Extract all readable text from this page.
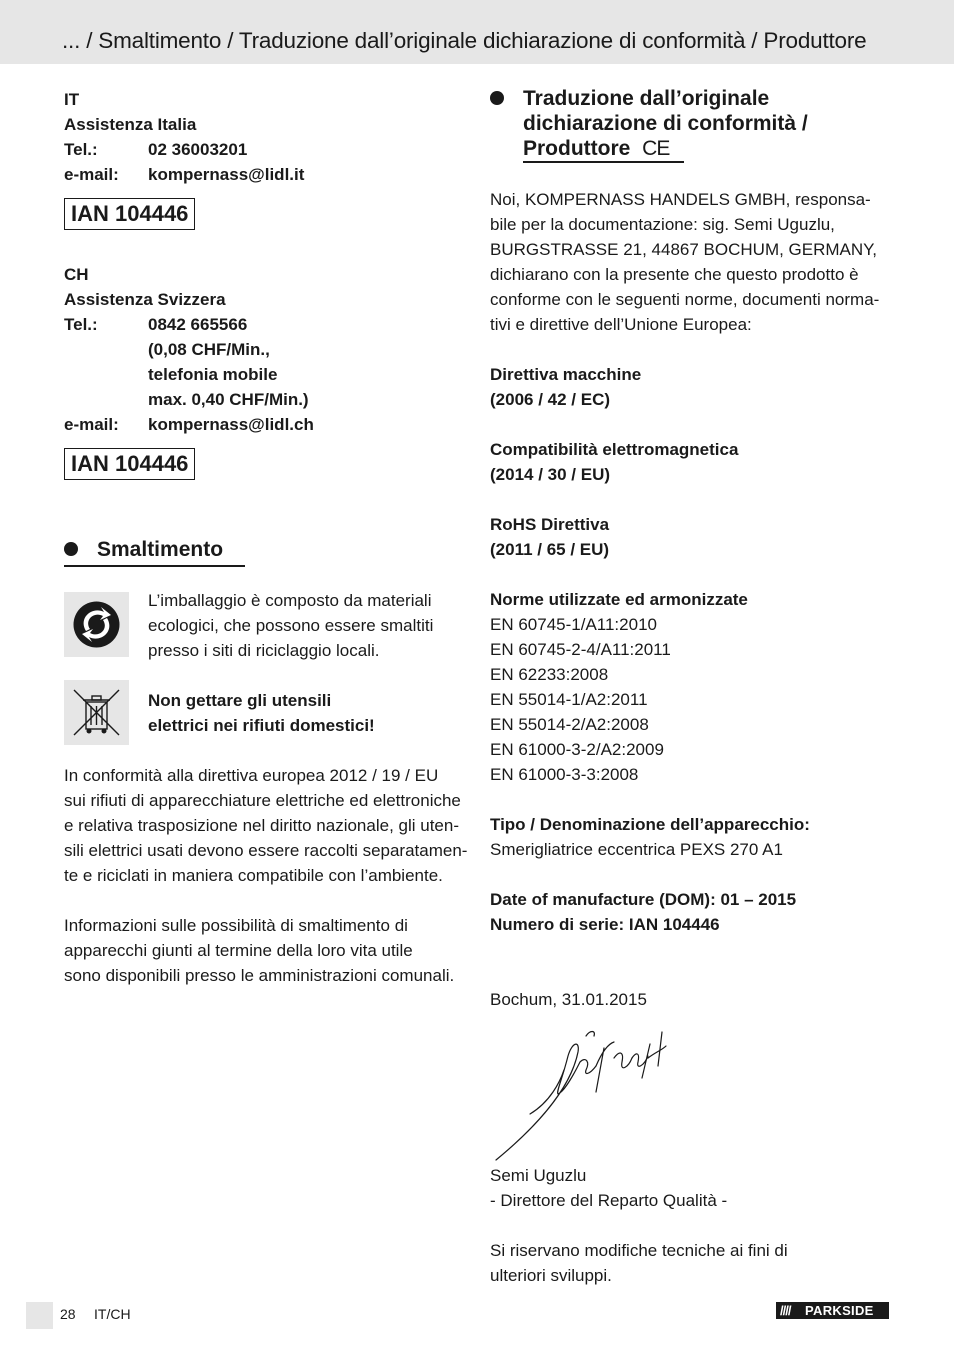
... / Smaltimento / Traduzione dall’originale dichiarazione di conformità / Produttore
IT
Assistenza Italia
Tel.:	02 36003201
e-mail: kompernass@lidl.it
IAN 104446
CH
Assistenza Svizzera
Tel.:	0842 665566
(0,08 CHF/Min.,
telefonia mobile
max. 0,40 CHF/Min.)
e-mail: kompernass@lidl.ch
IAN 104446
Smaltimento
L’imballaggio è composto da materiali
ecologici, che possono essere smaltiti
presso i siti di riciclaggio locali.
Non gettare gli utensili
elettrici nei rifiuti domestici!
In conformità alla direttiva europea 2012 / 19 / EU
sui rifiuti di apparecchiature elettriche ed elettroniche
e relativa trasposizione nel diritto nazionale, gli uten-
sili elettrici usati devono essere raccolti separatamen-
te e riciclati in maniera compatibile con l’ambiente.
Informazioni sulle possibilità di smaltimento di
apparecchi giunti al termine della loro vita utile
sono disponibili presso le amministrazioni comunali.
Traduzione dall’originale
dichiarazione di conformità /
Produttore CE
Noi, KOMPERNASS HANDELS GMBH, responsa-
bile per la documentazione: sig. Semi Uguzlu,
BURGSTRASSE 21, 44867 BOCHUM, GERMANY,
dichiarano con la presente che questo prodotto è
conforme con le seguenti norme, documenti norma-
tivi e direttive dell’Unione Europea:
Direttiva macchine
(2006 / 42 / EC)
Compatibilità elettromagnetica
(2014 / 30 / EU)
RoHS Direttiva
(2011 / 65 / EU)
Norme utilizzate ed armonizzate
EN 60745-1/A11:2010
EN 60745-2-4/A11:2011
EN 62233:2008
EN 55014-1/A2:2011
EN 55014-2/A2:2008
EN 61000-3-2/A2:2009
EN 61000-3-3:2008
Tipo / Denominazione dell’apparecchio:
Smerigliatrice eccentrica PEXS 270 A1
Date of manufacture (DOM): 01 – 2015
Numero di serie: IAN 104446
Bochum, 31.01.2015
Semi Uguzlu
- Direttore del Reparto Qualità -
Si riservano modifiche tecniche ai fini di
ulteriori sviluppi.
28 IT/CH	//// PARKSIDE
